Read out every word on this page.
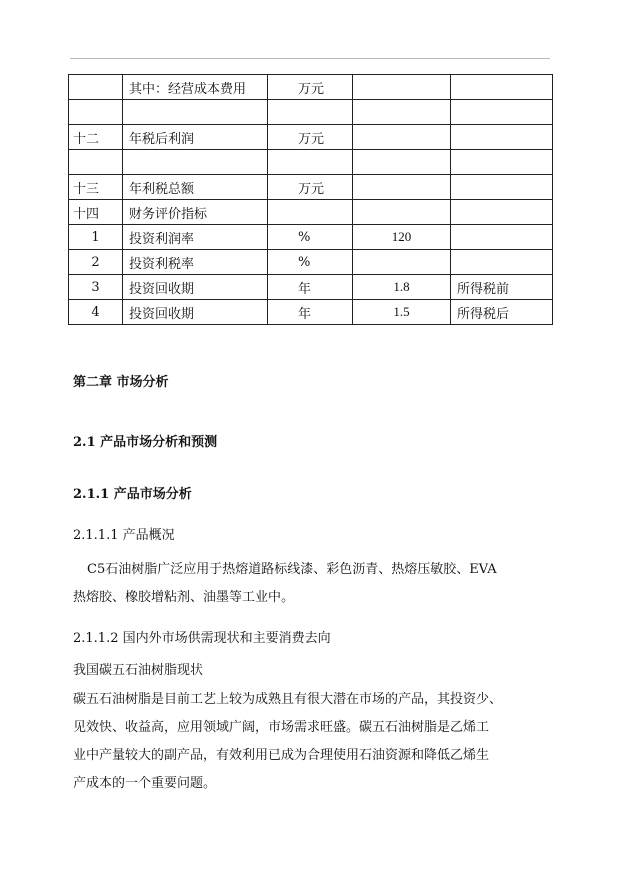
	其中：经营成本费用	万元		

十二	年税后利润	万元		

十三	年利税总额	万元		
十四	财务评价指标			
1	投资利润率	%	120	
2	投资利税率	%		
3	投资回收期	年	1.8	所得税前
4	投资回收期	年	1.5	所得税后
第二章 市场分析
2.1 产品市场分析和预测
2.1.1 产品市场分析
2.1.1.1 产品概况
C5石油树脂广泛应用于热熔道路标线漆、彩色沥青、热熔压敏胶、EVA
热熔胶、橡胶增粘剂、油墨等工业中。
2.1.1.2 国内外市场供需现状和主要消费去向
我国碳五石油树脂现状
碳五石油树脂是目前工艺上较为成熟且有很大潜在市场的产品，其投资少、
见效快、收益高，应用领域广阔，市场需求旺盛。碳五石油树脂是乙烯工
业中产量较大的副产品，有效利用已成为合理使用石油资源和降低乙烯生
产成本的一个重要问题。
